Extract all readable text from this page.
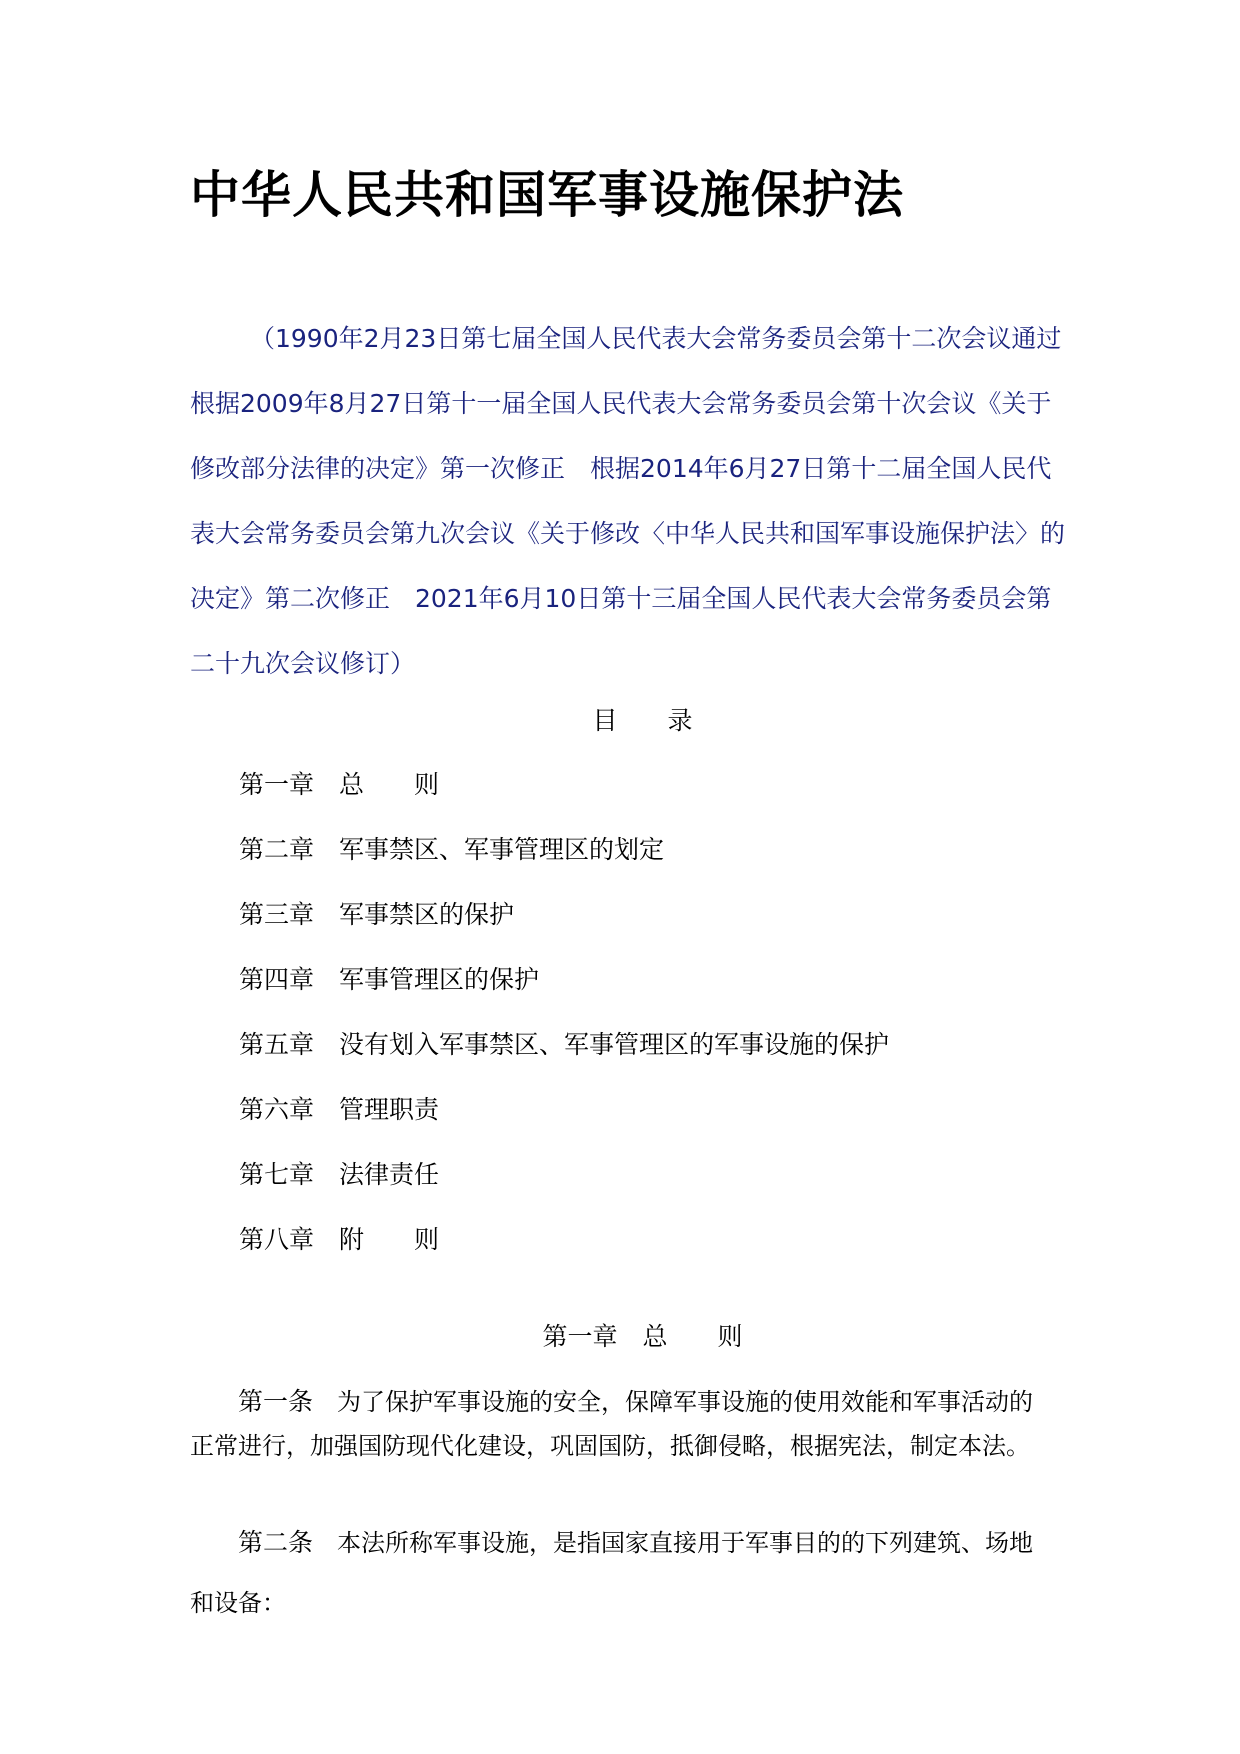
中华人民共和国军事设施保护法

（1990年2月23日第七届全国人民代表大会常务委员会第十二次会议通过　根据2009年8月27日第十一届全国人民代表大会常务委员会第十次会议《关于修改部分法律的决定》第一次修正　根据2014年6月27日第十二届全国人民代表大会常务委员会第九次会议《关于修改〈中华人民共和国军事设施保护法〉的决定》第二次修正　2021年6月10日第十三届全国人民代表大会常务委员会第二十九次会议修订）

目　　录
第一章 总　　则
第二章 军事禁区、军事管理区的划定
第三章 军事禁区的保护
第四章 军事管理区的保护
第五章 没有划入军事禁区、军事管理区的军事设施的保护
第六章 管理职责
第七章 法律责任
第八章 附　　则
第一章　总　　则

第一条 为了保护军事设施的安全，保障军事设施的使用效能和军事活动的正常进行，加强国防现代化建设，巩固国防，抵御侵略，根据宪法，制定本法。

第二条 本法所称军事设施，是指国家直接用于军事目的的下列建筑、场地和设备：
